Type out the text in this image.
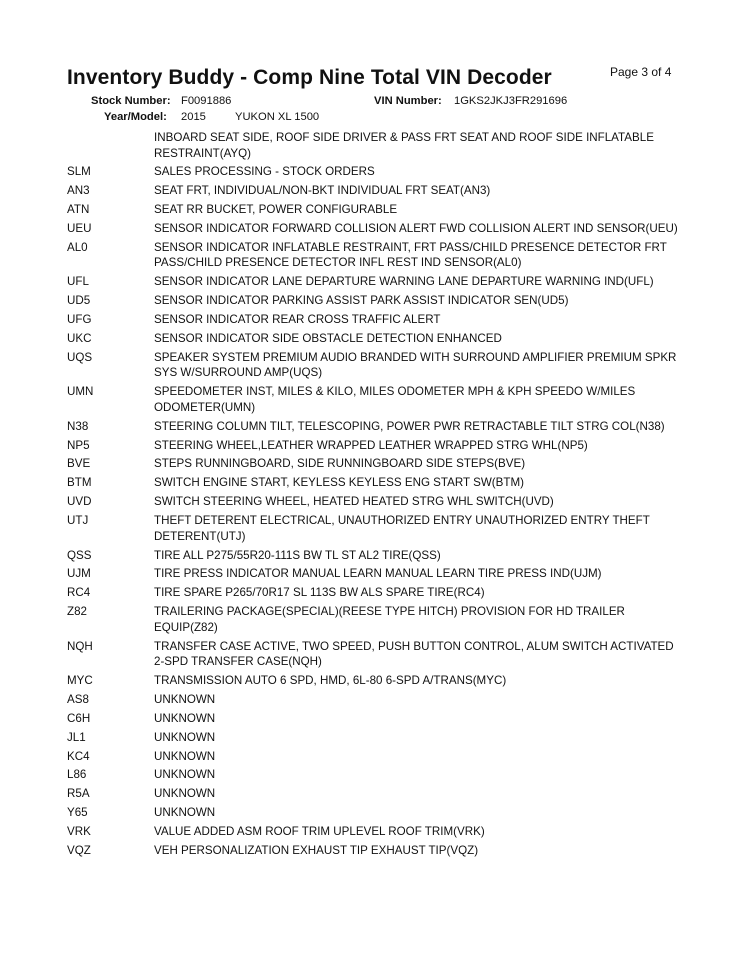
Inventory Buddy - Comp Nine Total VIN Decoder	Page 3 of 4
Stock Number: F0091886	VIN Number: 1GKS2JKJ3FR291696
Year/Model: 2015	YUKON XL 1500
INBOARD SEAT SIDE, ROOF SIDE DRIVER & PASS FRT SEAT AND ROOF SIDE INFLATABLE RESTRAINT(AYQ)
SLM	SALES PROCESSING - STOCK ORDERS
AN3	SEAT FRT, INDIVIDUAL/NON-BKT INDIVIDUAL FRT SEAT(AN3)
ATN	SEAT RR BUCKET, POWER CONFIGURABLE
UEU	SENSOR INDICATOR FORWARD COLLISION ALERT FWD COLLISION ALERT IND SENSOR(UEU)
AL0	SENSOR INDICATOR INFLATABLE RESTRAINT, FRT PASS/CHILD PRESENCE DETECTOR FRT PASS/CHILD PRESENCE DETECTOR INFL REST IND SENSOR(AL0)
UFL	SENSOR INDICATOR LANE DEPARTURE WARNING LANE DEPARTURE WARNING IND(UFL)
UD5	SENSOR INDICATOR PARKING ASSIST PARK ASSIST INDICATOR SEN(UD5)
UFG	SENSOR INDICATOR REAR CROSS TRAFFIC ALERT
UKC	SENSOR INDICATOR SIDE OBSTACLE DETECTION ENHANCED
UQS	SPEAKER SYSTEM PREMIUM AUDIO BRANDED WITH SURROUND AMPLIFIER PREMIUM SPKR SYS W/SURROUND AMP(UQS)
UMN	SPEEDOMETER INST, MILES & KILO, MILES ODOMETER MPH & KPH SPEEDO W/MILES ODOMETER(UMN)
N38	STEERING COLUMN TILT, TELESCOPING, POWER PWR RETRACTABLE TILT STRG COL(N38)
NP5	STEERING WHEEL,LEATHER WRAPPED LEATHER WRAPPED STRG WHL(NP5)
BVE	STEPS RUNNINGBOARD, SIDE RUNNINGBOARD SIDE STEPS(BVE)
BTM	SWITCH ENGINE START, KEYLESS KEYLESS ENG START SW(BTM)
UVD	SWITCH STEERING WHEEL, HEATED HEATED STRG WHL SWITCH(UVD)
UTJ	THEFT DETERENT ELECTRICAL, UNAUTHORIZED ENTRY UNAUTHORIZED ENTRY THEFT DETERENT(UTJ)
QSS	TIRE ALL P275/55R20-111S BW TL ST AL2 TIRE(QSS)
UJM	TIRE PRESS INDICATOR MANUAL LEARN MANUAL LEARN TIRE PRESS IND(UJM)
RC4	TIRE SPARE P265/70R17 SL 113S BW ALS SPARE TIRE(RC4)
Z82	TRAILERING PACKAGE(SPECIAL)(REESE TYPE HITCH) PROVISION FOR HD TRAILER EQUIP(Z82)
NQH	TRANSFER CASE ACTIVE, TWO SPEED, PUSH BUTTON CONTROL, ALUM SWITCH ACTIVATED 2-SPD TRANSFER CASE(NQH)
MYC	TRANSMISSION AUTO 6 SPD, HMD, 6L-80 6-SPD A/TRANS(MYC)
AS8	UNKNOWN
C6H	UNKNOWN
JL1	UNKNOWN
KC4	UNKNOWN
L86	UNKNOWN
R5A	UNKNOWN
Y65	UNKNOWN
VRK	VALUE ADDED ASM ROOF TRIM UPLEVEL ROOF TRIM(VRK)
VQZ	VEH PERSONALIZATION EXHAUST TIP EXHAUST TIP(VQZ)
